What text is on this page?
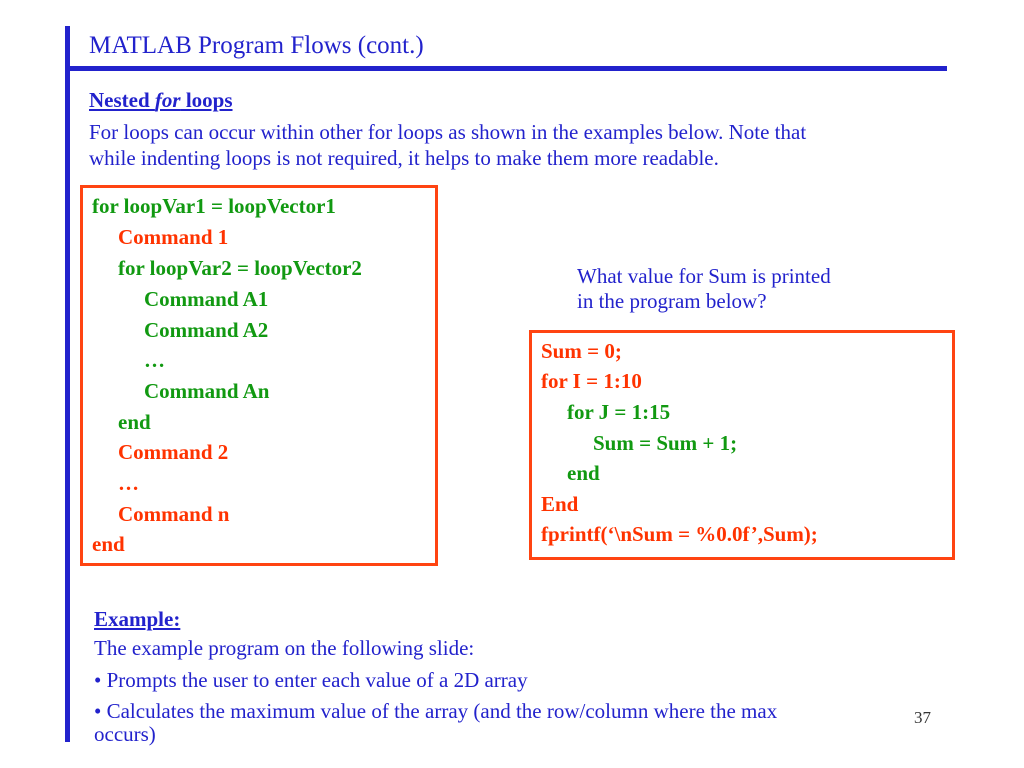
MATLAB Program Flows (cont.)
Nested for loops
For loops can occur within other for loops as shown in the examples below. Note that
while indenting loops is not required, it helps to make them more readable.
for loopVar1 = loopVector1
Command 1
for loopVar2 = loopVector2
Command A1
Command A2
…
Command An
end
Command 2
…
Command n
end
What value for Sum is printed
in the program below?
Sum = 0;
for I = 1:10
for J = 1:15
Sum = Sum + 1;
end
End
fprintf(‘\nSum = %0.0f’,Sum);
Example:
The example program on the following slide:
• Prompts the user to enter each value of a 2D array
• Calculates the maximum value of the array (and the row/column where the max
occurs)
37
